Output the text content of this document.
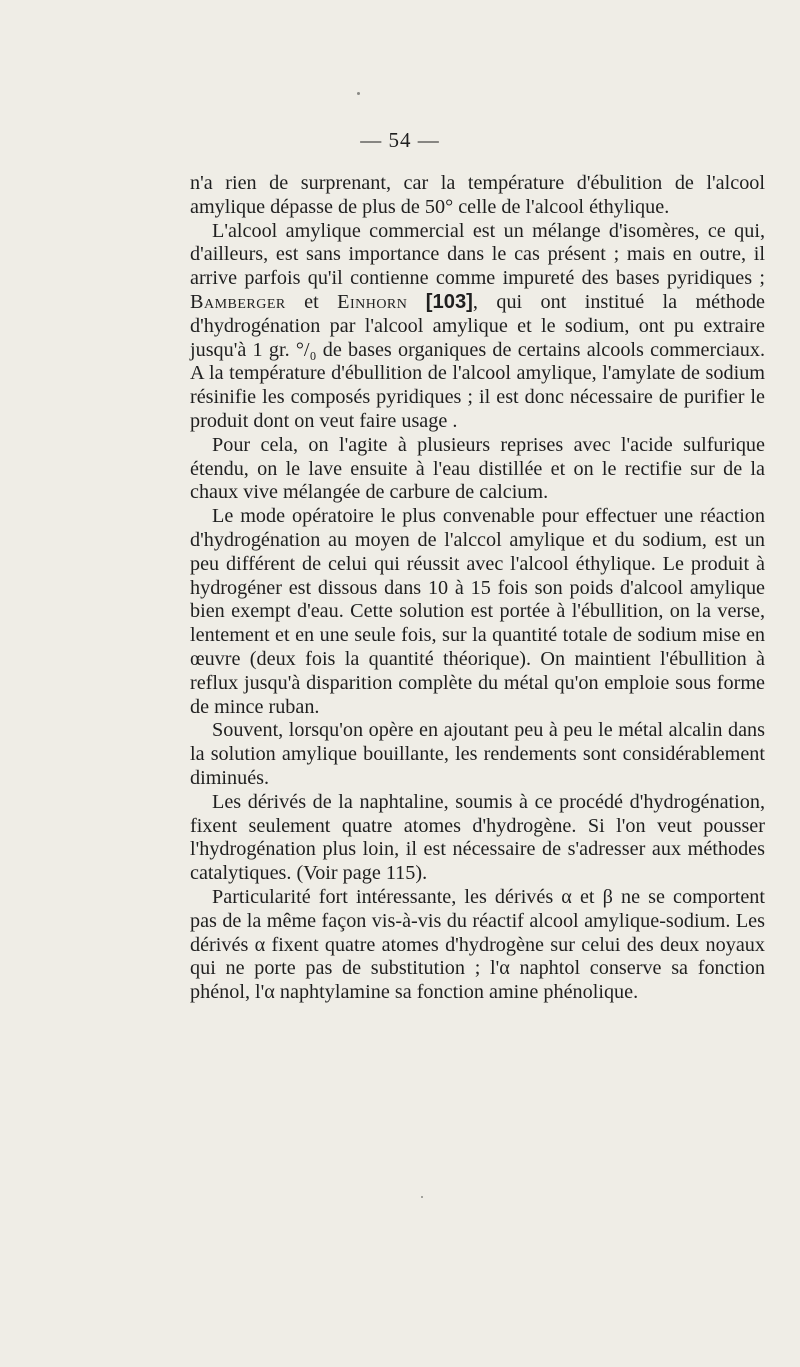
— 54 —

n'a rien de surprenant, car la température d'ébulition de l'alcool amylique dépasse de plus de 50° celle de l'alcool éthylique.

L'alcool amylique commercial est un mélange d'isomères, ce qui, d'ailleurs, est sans importance dans le cas présent ; mais en outre, il arrive parfois qu'il contienne comme impureté des bases pyridiques ; Bamberger et Einhorn [103], qui ont institué la méthode d'hydrogénation par l'alcool amylique et le sodium, ont pu extraire jusqu'à 1 gr. °/₀ de bases organiques de certains alcools commerciaux. A la température d'ébullition de l'alcool amylique, l'amylate de sodium résinifie les composés pyridiques ; il est donc nécessaire de purifier le produit dont on veut faire usage .

Pour cela, on l'agite à plusieurs reprises avec l'acide sulfurique étendu, on le lave ensuite à l'eau distillée et on le rectifie sur de la chaux vive mélangée de carbure de calcium.

Le mode opératoire le plus convenable pour effectuer une réaction d'hydrogénation au moyen de l'alccol amylique et du sodium, est un peu différent de celui qui réussit avec l'alcool éthylique. Le produit à hydrogéner est dissous dans 10 à 15 fois son poids d'alcool amylique bien exempt d'eau. Cette solution est portée à l'ébullition, on la verse, lentement et en une seule fois, sur la quantité totale de sodium mise en œuvre (deux fois la quantité théorique). On maintient l'ébullition à reflux jusqu'à disparition complète du métal qu'on emploie sous forme de mince ruban.

Souvent, lorsqu'on opère en ajoutant peu à peu le métal alcalin dans la solution amylique bouillante, les rendements sont considérablement diminués.

Les dérivés de la naphtaline, soumis à ce procédé d'hydrogénation, fixent seulement quatre atomes d'hydrogène. Si l'on veut pousser l'hydrogénation plus loin, il est nécessaire de s'adresser aux méthodes catalytiques. (Voir page 115).

Particularité fort intéressante, les dérivés α et β ne se comportent pas de la même façon vis-à-vis du réactif alcool amylique-sodium. Les dérivés α fixent quatre atomes d'hydrogène sur celui des deux noyaux qui ne porte pas de substitution ; l'α naphtol conserve sa fonction phénol, l'α naphtylamine sa fonction amine phénolique.
